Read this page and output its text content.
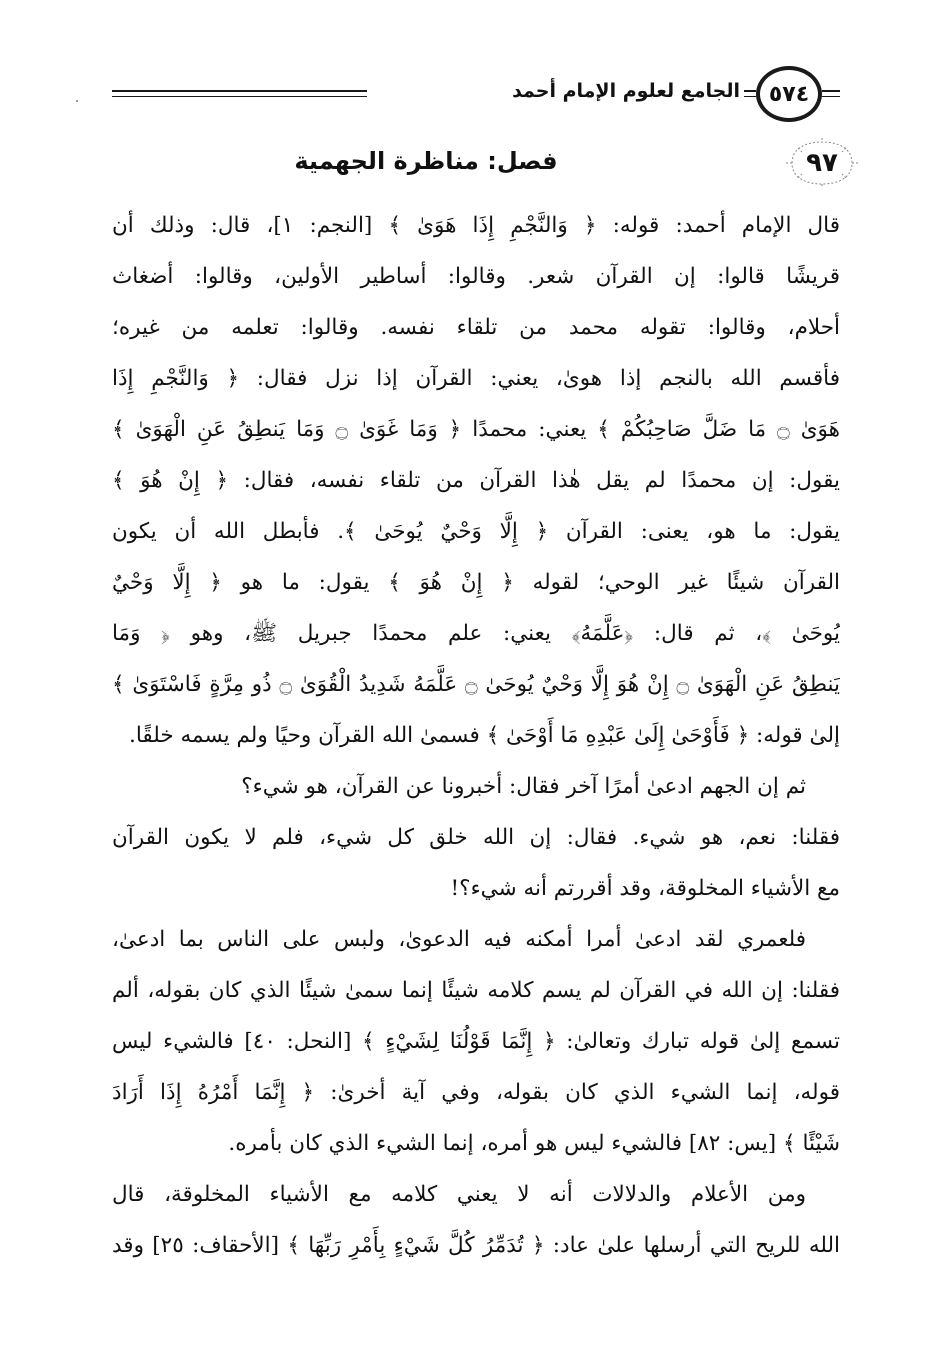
الجامع لعلوم الإمام أحمد ٥٧٤
٩٧
فصل: مناظرة الجهمية
قال الإمام أحمد: قوله: ﴿ وَالنَّجْمِ إِذَا هَوَىٰ ﴾ [النجم: ١]، قال: وذلك أن
قريشًا قالوا: إن القرآن شعر. وقالوا: أساطير الأولين، وقالوا: أضغاث
أحلام، وقالوا: تقوله محمد من تلقاء نفسه. وقالوا: تعلمه من غيره؛
فأقسم الله بالنجم إذا هوىٰ، يعني: القرآن إذا نزل فقال: ﴿ وَالنَّجْمِ إِذَا
هَوَىٰ ۝ مَا ضَلَّ صَاحِبُكُمْ ﴾ يعني: محمدًا ﴿ وَمَا غَوَىٰ ۝ وَمَا يَنطِقُ عَنِ الْهَوَىٰ ﴾
يقول: إن محمدًا لم يقل هٰذا القرآن من تلقاء نفسه، فقال: ﴿ إِنْ هُوَ ﴾
يقول: ما هو، يعنى: القرآن ﴿ إِلَّا وَحْيٌ يُوحَىٰ ﴾. فأبطل الله أن يكون
القرآن شيئًا غير الوحي؛ لقوله ﴿ إِنْ هُوَ ﴾ يقول: ما هو ﴿ إِلَّا وَحْيٌ
يُوحَىٰ ﴾، ثم قال: ﴿عَلَّمَهُ﴾ يعني: علم محمدًا جبريل ﷺ، وهو ﴿ وَمَا
يَنطِقُ عَنِ الْهَوَىٰ ۝ إِنْ هُوَ إِلَّا وَحْيٌ يُوحَىٰ ۝ عَلَّمَهُ شَدِيدُ الْقُوَىٰ ۝ ذُو مِرَّةٍ فَاسْتَوَىٰ ﴾
إلىٰ قوله: ﴿ فَأَوْحَىٰ إِلَىٰ عَبْدِهِ مَا أَوْحَىٰ ﴾ فسمىٰ الله القرآن وحيًا ولم يسمه خلقًا.
ثم إن الجهم ادعىٰ أمرًا آخر فقال: أخبرونا عن القرآن، هو شيء؟
فقلنا: نعم، هو شيء. فقال: إن الله خلق كل شيء، فلم لا يكون القرآن
مع الأشياء المخلوقة، وقد أقررتم أنه شيء؟!
فلعمري لقد ادعىٰ أمرا أمكنه فيه الدعوىٰ، ولبس على الناس بما ادعىٰ،
فقلنا: إن الله في القرآن لم يسم كلامه شيئًا إنما سمىٰ شيئًا الذي كان بقوله، ألم
تسمع إلىٰ قوله تبارك وتعالىٰ: ﴿ إِنَّمَا قَوْلُنَا لِشَيْءٍ ﴾ [النحل: ٤٠] فالشيء ليس
قوله، إنما الشيء الذي كان بقوله، وفي آية أخرىٰ: ﴿ إِنَّمَا أَمْرُهُ إِذَا أَرَادَ
شَيْئًا ﴾ [يس: ٨٢] فالشيء ليس هو أمره، إنما الشيء الذي كان بأمره.
ومن الأعلام والدلالات أنه لا يعني كلامه مع الأشياء المخلوقة، قال
الله للريح التي أرسلها علىٰ عاد: ﴿ تُدَمِّرُ كُلَّ شَيْءٍ بِأَمْرِ رَبِّهَا ﴾ [الأحقاف: ٢٥] وقد
